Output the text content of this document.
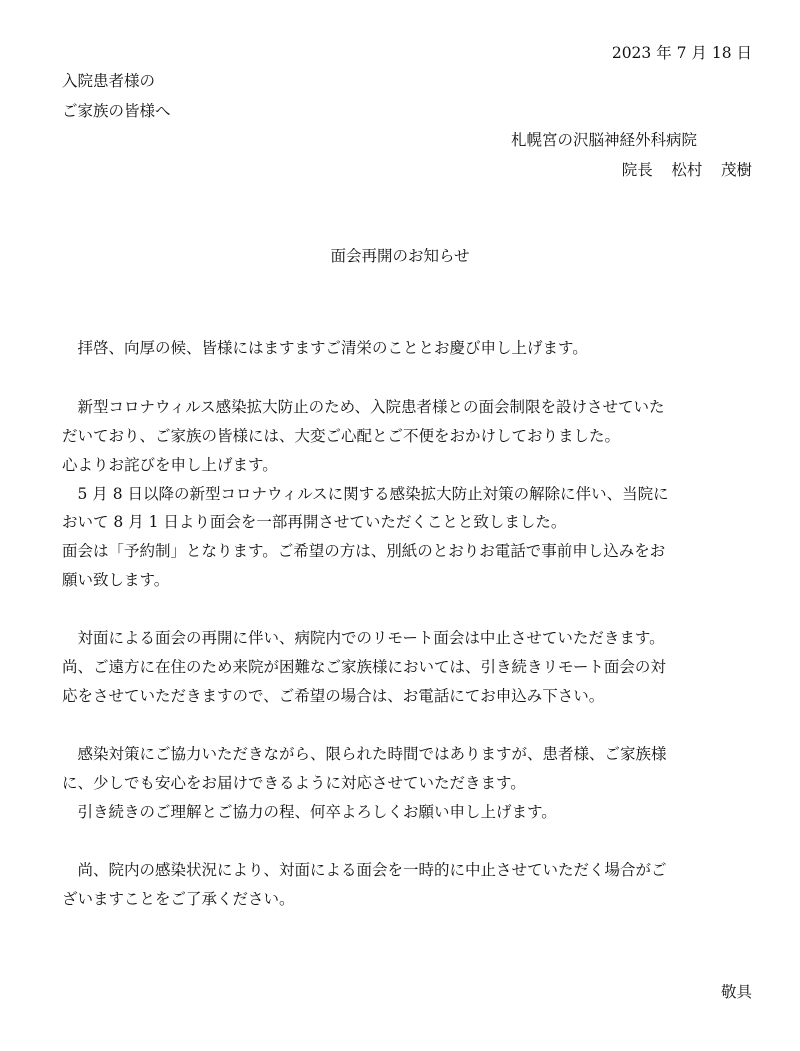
2023 年 7 月 18 日
入院患者様の
ご家族の皆様へ
札幌宮の沢脳神経外科病院
院長 松村 茂樹
面会再開のお知らせ
　拝啓、向厚の候、皆様にはますますご清栄のこととお慶び申し上げます。
　新型コロナウィルス感染拡大防止のため、入院患者様との面会制限を設けさせていた
だいており、ご家族の皆様には、大変ご心配とご不便をおかけしておりました。
心よりお詫びを申し上げます。
　5 月 8 日以降の新型コロナウィルスに関する感染拡大防止対策の解除に伴い、当院に
おいて 8 月 1 日より面会を一部再開させていただくことと致しました。
面会は「予約制」となります。ご希望の方は、別紙のとおりお電話で事前申し込みをお
願い致します。
　対面による面会の再開に伴い、病院内でのリモート面会は中止させていただきます。
尚、ご遠方に在住のため来院が困難なご家族様においては、引き続きリモート面会の対
応をさせていただきますので、ご希望の場合は、お電話にてお申込み下さい。
　感染対策にご協力いただきながら、限られた時間ではありますが、患者様、ご家族様
に、少しでも安心をお届けできるように対応させていただきます。
　引き続きのご理解とご協力の程、何卒よろしくお願い申し上げます。
　尚、院内の感染状況により、対面による面会を一時的に中止させていただく場合がご
ざいますことをご了承ください。
敬具
